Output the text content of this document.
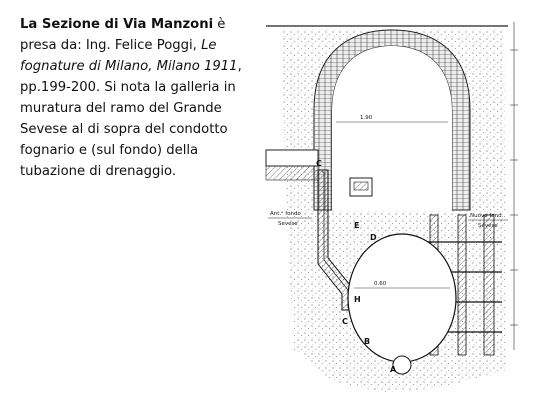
La Sezione di Via Manzoni è presa da: Ing. Felice Poggi, Le fognature di Milano, Milano 1911, pp.199-200. Si nota la galleria in muratura del ramo del Grande Sevese al di sopra del condotto fognario e (sul fondo) della tubazione di drenaggio.
1.90
0.60
Ant.ᵉ fondo
Sevese
Nuovo fond.
Sevese
C
E
D
H
C
B
A
